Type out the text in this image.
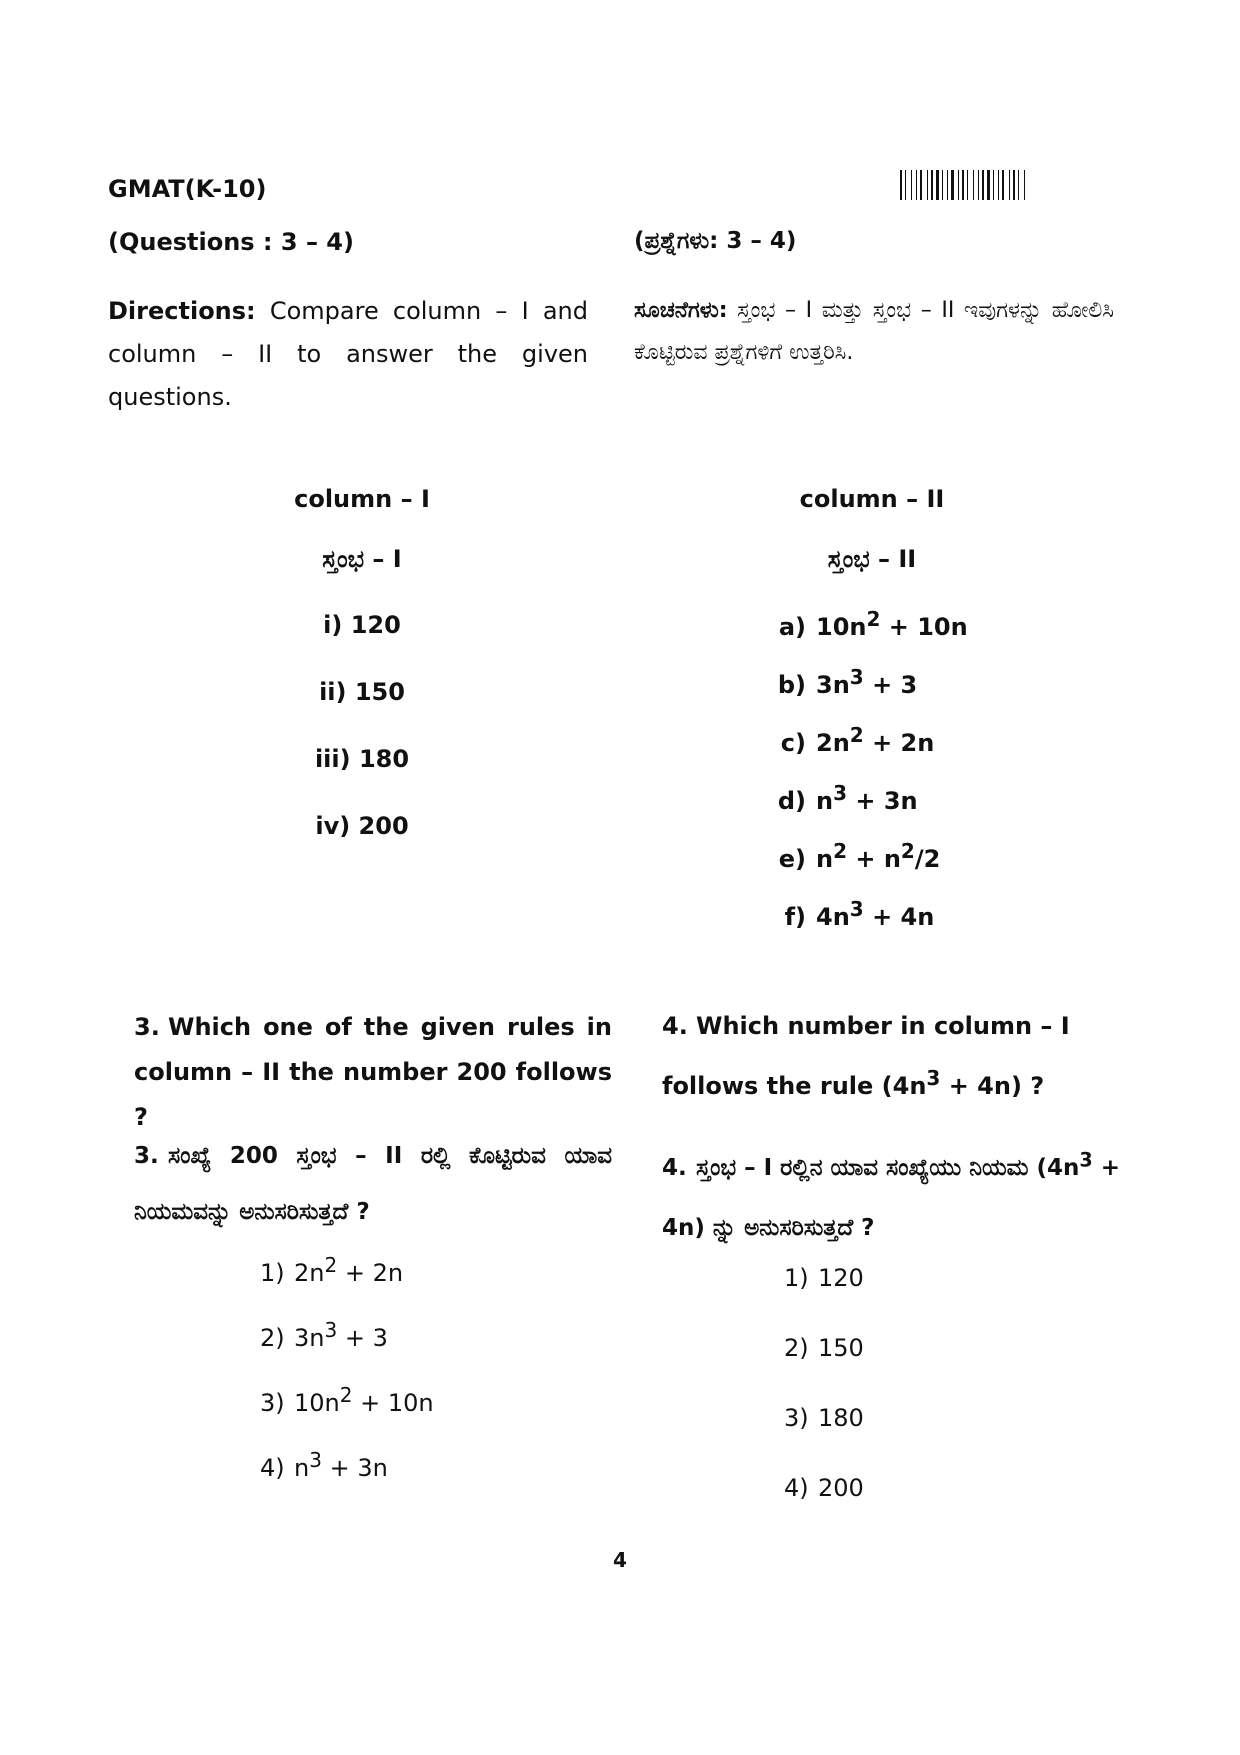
GMAT(K-10)
(Questions : 3 – 4)	(ಪ್ರಶ್ನೆಗಳು: 3 – 4)
Directions: Compare column – I and column – II to answer the given questions.
ಸೂಚನೆಗಳು: ಸ್ತಂಭ – I ಮತ್ತು ಸ್ತಂಭ – II ಇವುಗಳನ್ನು ಹೋಲಿಸಿ ಕೊಟ್ಟಿರುವ ಪ್ರಶ್ನೆಗಳಿಗೆ ಉತ್ತರಿಸಿ.
column – I
ಸ್ತಂಭ – I
column – II
ಸ್ತಂಭ – II
i) 120
ii) 150
iii) 180
iv) 200
a) $10n^2 + 10n$
b) $3n^3 + 3$
c) $2n^2 + 2n$
d) $n^3 + 3n$
e) $n^2 + n^2/2$
f) $4n^3 + 4n$
3. Which one of the given rules in column – II the number 200 follows ?
3. ಸಂಖ್ಯೆ 200 ಸ್ತಂಭ – II ರಲ್ಲಿ ಕೊಟ್ಟಿರುವ ಯಾವ ನಿಯಮವನ್ನು ಅನುಸರಿಸುತ್ತದೆ ?
1) $2n^2 + 2n$
2) $3n^3 + 3$
3) $10n^2 + 10n$
4) $n^3 + 3n$
4. Which number in column – I follows the rule $(4n^3 + 4n)$ ?
4. ಸ್ತಂಭ – I ರಲ್ಲಿನ ಯಾವ ಸಂಖ್ಯೆಯು ನಿಯಮ $(4n^3 + 4n)$ ನ್ನು ಅನುಸರಿಸುತ್ತದೆ ?
1) 120
2) 150
3) 180
4) 200
4
